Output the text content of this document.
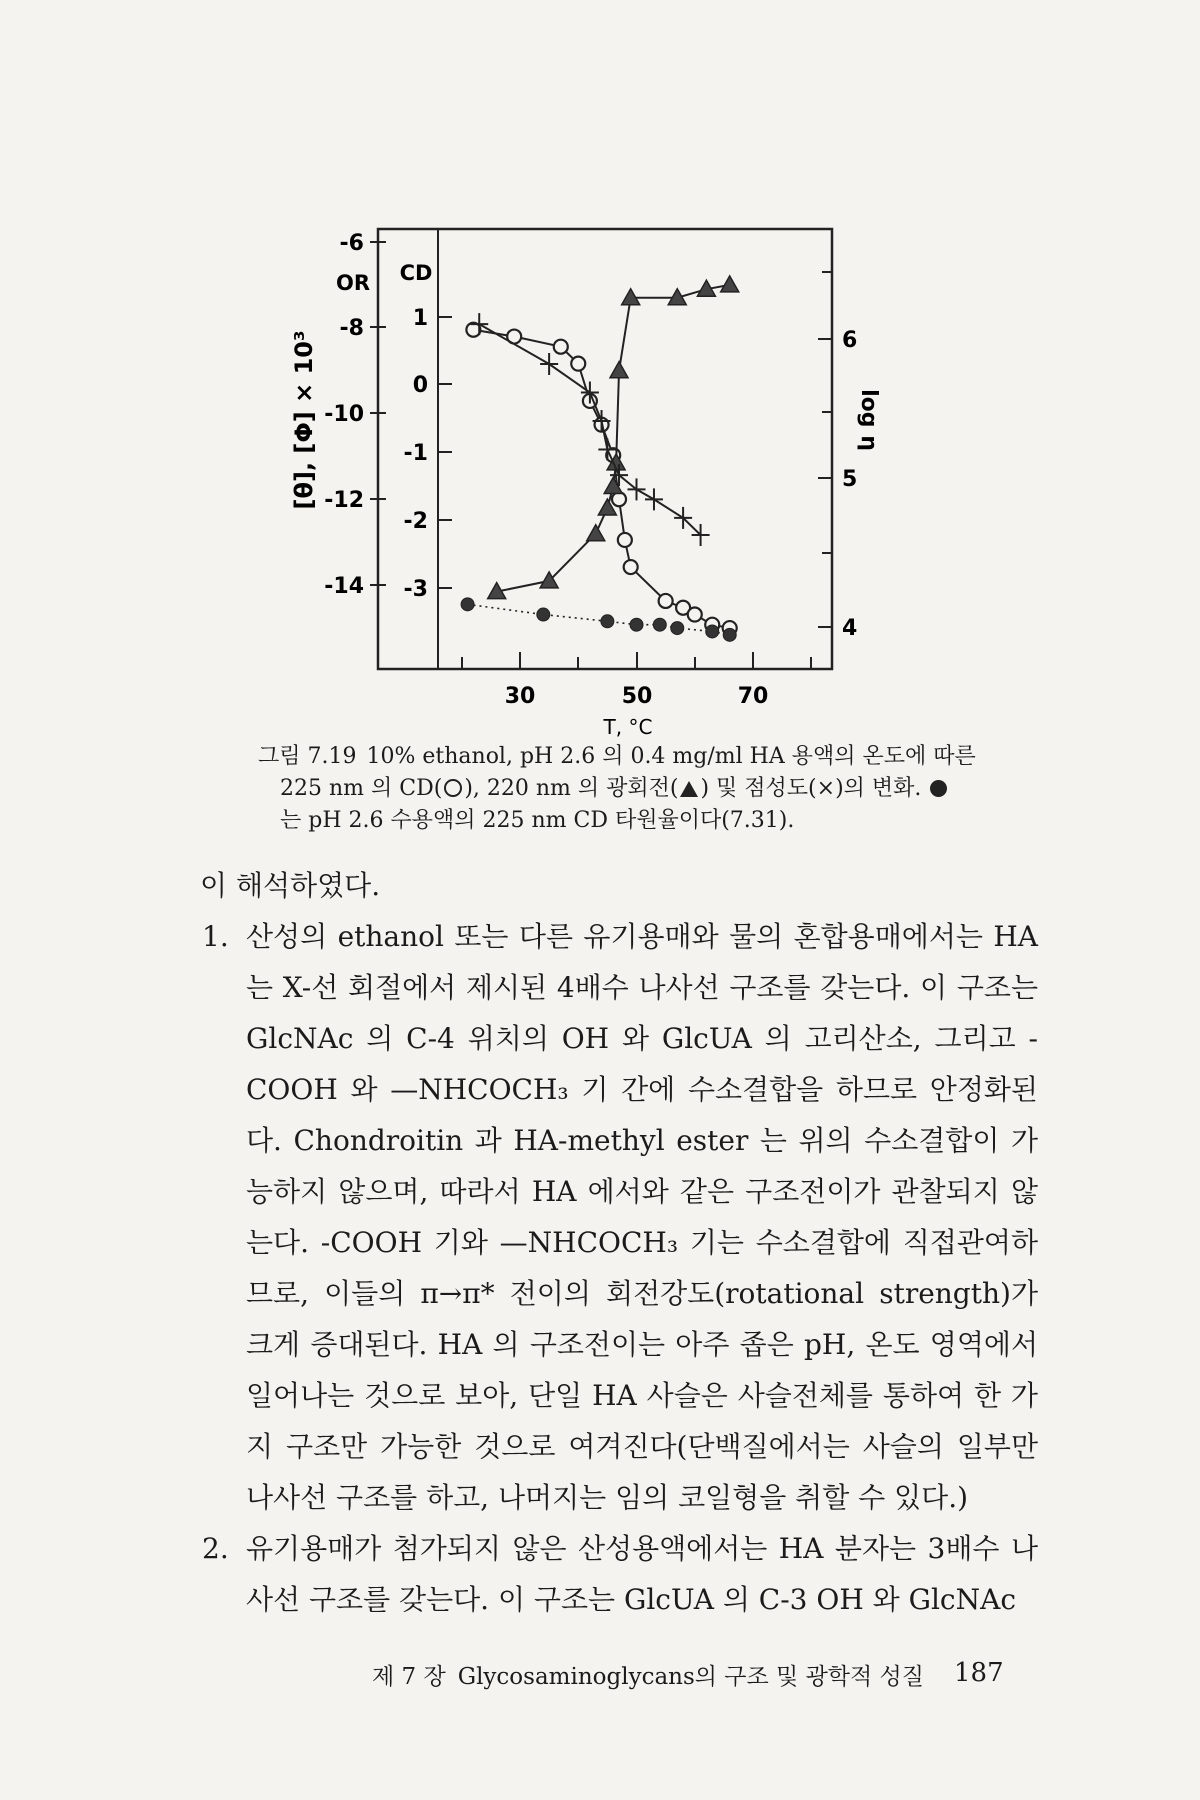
-6
-8
-10
-12
-14
OR
[θ], [Φ] × 10³
1
0
-1
-2
-3
CD
6
5
4
log η
30	50	70
T, °C
그림 7.19 10% ethanol, pH 2.6 의 0.4 mg/ml HA 용액의 온도에 따른
225 nm 의 CD( ), 220 nm 의 광회전( ) 및 점성도(×)의 변화.
는 pH 2.6 수용액의 225 nm CD 타원율이다(7.31).

이 해석하였다.

1. 산성의 ethanol 또는 다른 유기용매와 물의 혼합용매에서는 HA 는 X-선 회절에서 제시된 4배수 나사선 구조를 갖는다. 이 구조는 GlcNAc 의 C-4 위치의 OH 와 GlcUA 의 고리산소, 그리고 -COOH 와 —NHCOCH₃ 기 간에 수소결합을 하므로 안정화된다. Chondroitin 과 HA-methyl ester 는 위의 수소결합이 가능하지 않으며, 따라서 HA 에서와 같은 구조전이가 관찰되지 않는다. -COOH 기와 —NHCOCH₃ 기는 수소결합에 직접관여하므로, 이들의 π→π* 전이의 회전강도(rotational strength)가 크게 증대된다. HA 의 구조전이는 아주 좁은 pH, 온도 영역에서 일어나는 것으로 보아, 단일 HA 사슬은 사슬전체를 통하여 한 가지 구조만 가능한 것으로 여겨진다(단백질에서는 사슬의 일부만 나사선 구조를 하고, 나머지는 임의 코일형을 취할 수 있다.)
2. 유기용매가 첨가되지 않은 산성용액에서는 HA 분자는 3배수 나사선 구조를 갖는다. 이 구조는 GlcUA 의 C-3 OH 와 GlcNAc
제 7 장 Glycosaminoglycans의 구조 및 광학적 성질 187
